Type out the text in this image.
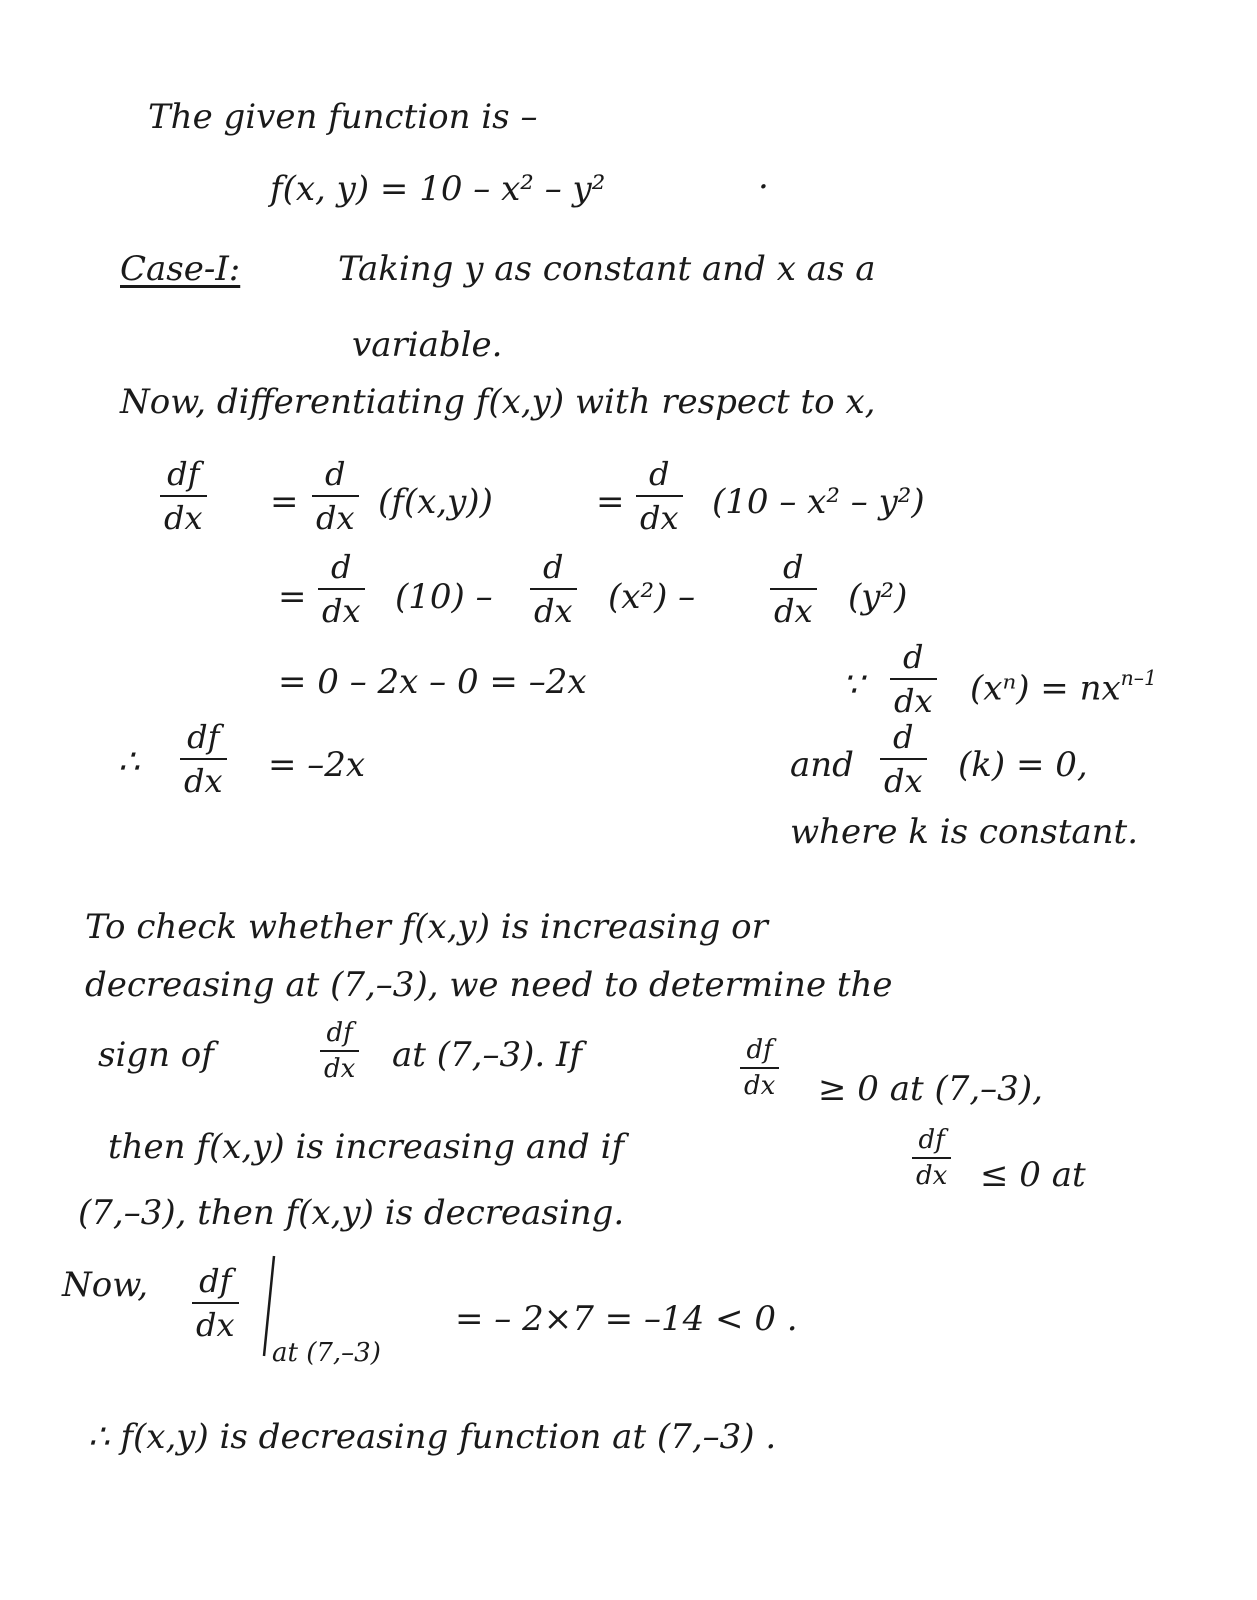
The given function is –
f(x, y) = 10 – x² – y²	.
Case-I:	Taking y as constant and x as a
variable.
Now, differentiating f(x,y) with respect to x,
df
dx =
d
dx (f(x,y))	=
d
dx (10 – x² – y²)
=
d
dx (10) –
d
dx (x²) –
d
dx (y²)
= 0 – 2x – 0 = –2x	∵
d
dx $(x^n) = nx^{n-1}$
∴
df
dx = –2x	and
d
dx (k) = 0,
where k is constant.
To check whether f(x,y) is increasing or
decreasing at (7,–3), we need to determine the
sign of
df
dx at (7,–3). If	df
dx ≥ 0 at (7,–3),
then f(x,y) is increasing and if	df
dx ≤ 0 at
(7,–3), then f(x,y) is decreasing.
Now, df
dx
at (7,–3)
= – 2×7 = –14 < 0 .
∴ f(x,y) is decreasing function at (7,–3) .
